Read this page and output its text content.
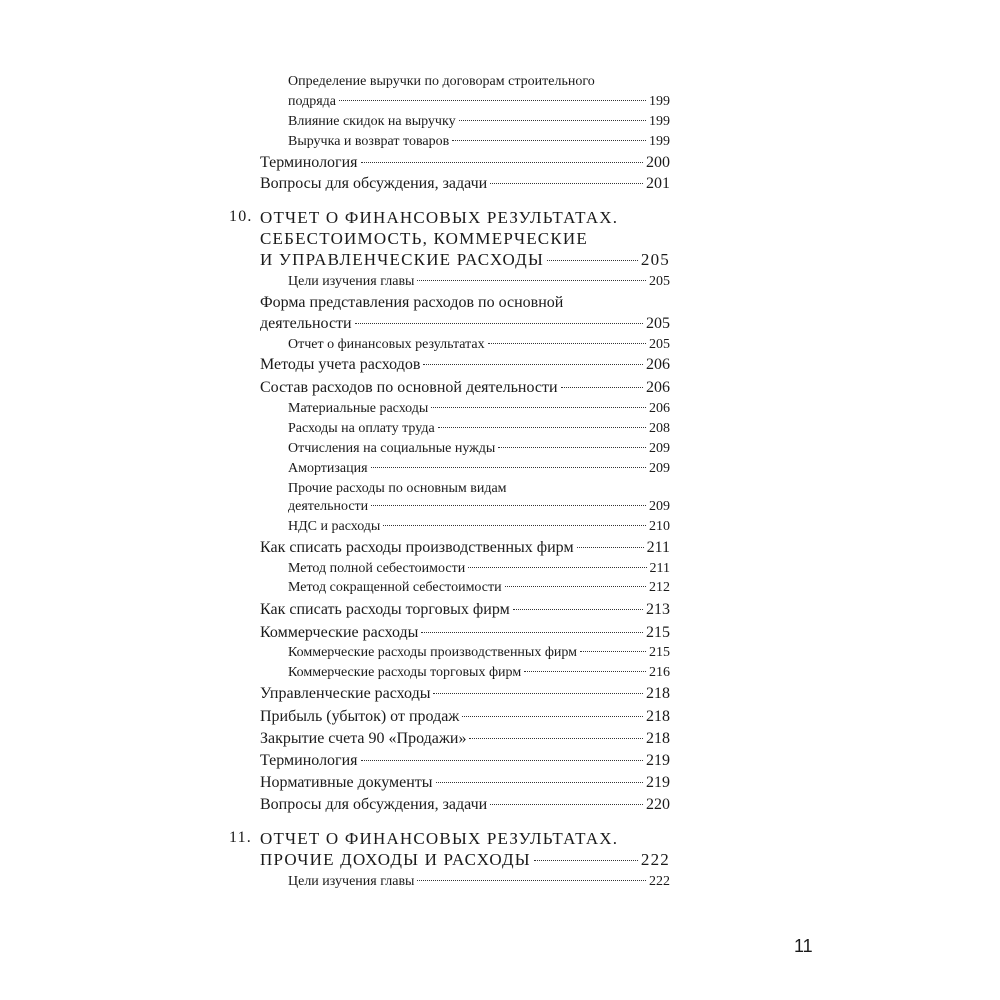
Определение выручки по договорам строительного
подряда	199
Влияние скидок на выручку	199
Выручка и возврат товаров	199
Терминология	200
Вопросы для обсуждения, задачи	201
10. ОТЧЕТ О ФИНАНСОВЫХ РЕЗУЛЬТАТАХ.
СЕБЕСТОИМОСТЬ, КОММЕРЧЕСКИЕ
И УПРАВЛЕНЧЕСКИЕ РАСХОДЫ	205
Цели изучения главы	205
Форма представления расходов по основной
деятельности	205
Отчет о финансовых результатах	205
Методы учета расходов	206
Состав расходов по основной деятельности	206
Материальные расходы	206
Расходы на оплату труда	208
Отчисления на социальные нужды	209
Амортизация	209
Прочие расходы по основным видам
деятельности	209
НДС и расходы	210
Как списать расходы производственных фирм	211
Метод полной себестоимости	211
Метод сокращенной себестоимости	212
Как списать расходы торговых фирм	213
Коммерческие расходы	215
Коммерческие расходы производственных фирм	215
Коммерческие расходы торговых фирм	216
Управленческие расходы	218
Прибыль (убыток) от продаж	218
Закрытие счета 90 «Продажи»	218
Терминология	219
Нормативные документы	219
Вопросы для обсуждения, задачи	220
11. ОТЧЕТ О ФИНАНСОВЫХ РЕЗУЛЬТАТАХ.
ПРОЧИЕ ДОХОДЫ И РАСХОДЫ	222
Цели изучения главы	222
11
